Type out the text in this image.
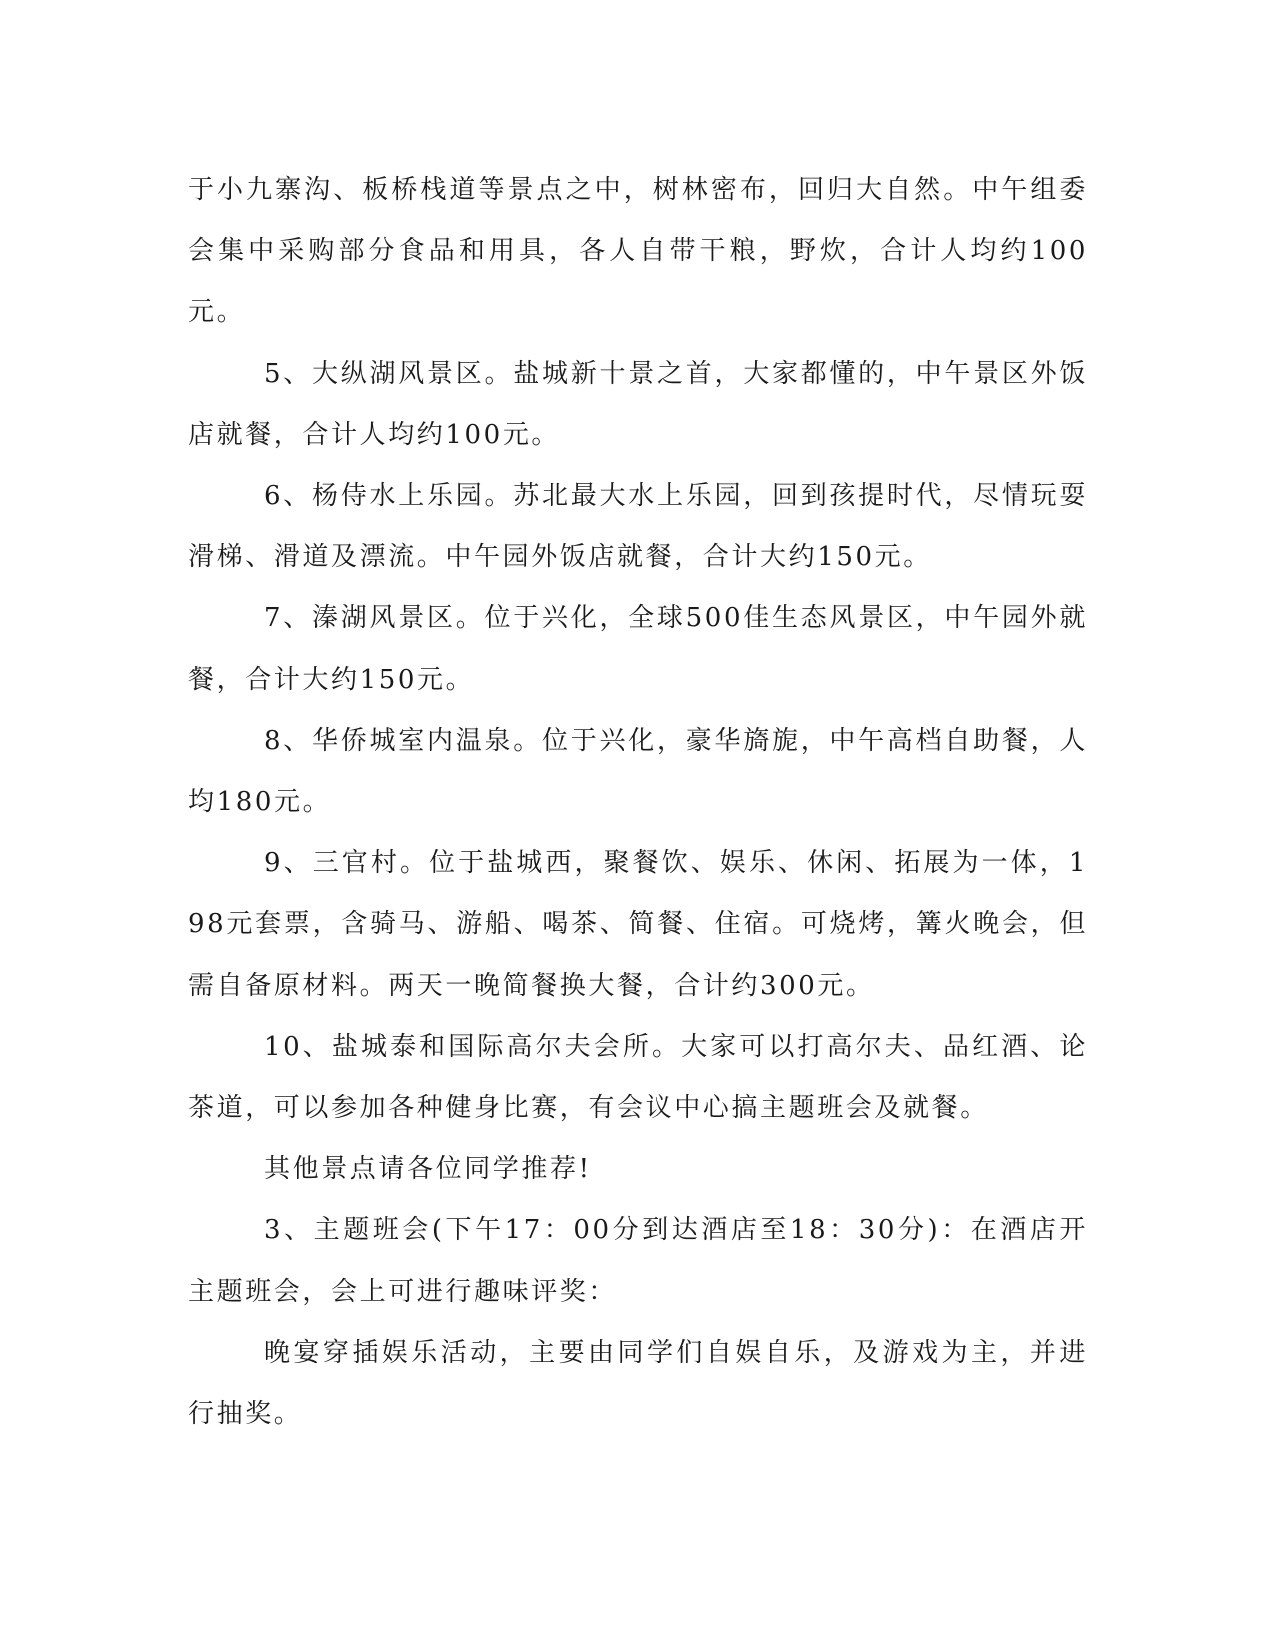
于小九寨沟、板桥栈道等景点之中，树林密布，回归大自然。中午组委会集中采购部分食品和用具，各人自带干粮，野炊，合计人均约100元。

5、大纵湖风景区。盐城新十景之首，大家都懂的，中午景区外饭店就餐，合计人均约100元。

6、杨侍水上乐园。苏北最大水上乐园，回到孩提时代，尽情玩耍滑梯、滑道及漂流。中午园外饭店就餐，合计大约150元。

7、溱湖风景区。位于兴化，全球500佳生态风景区，中午园外就餐，合计大约150元。

8、华侨城室内温泉。位于兴化，豪华旖旎，中午高档自助餐，人均180元。

9、三官村。位于盐城西，聚餐饮、娱乐、休闲、拓展为一体，198元套票，含骑马、游船、喝茶、简餐、住宿。可烧烤，篝火晚会，但需自备原材料。两天一晚简餐换大餐，合计约300元。

10、盐城泰和国际高尔夫会所。大家可以打高尔夫、品红酒、论茶道，可以参加各种健身比赛，有会议中心搞主题班会及就餐。

其他景点请各位同学推荐!

3、主题班会(下午17：00分到达酒店至18：30分)：在酒店开主题班会，会上可进行趣味评奖：

晚宴穿插娱乐活动，主要由同学们自娱自乐，及游戏为主，并进行抽奖。
